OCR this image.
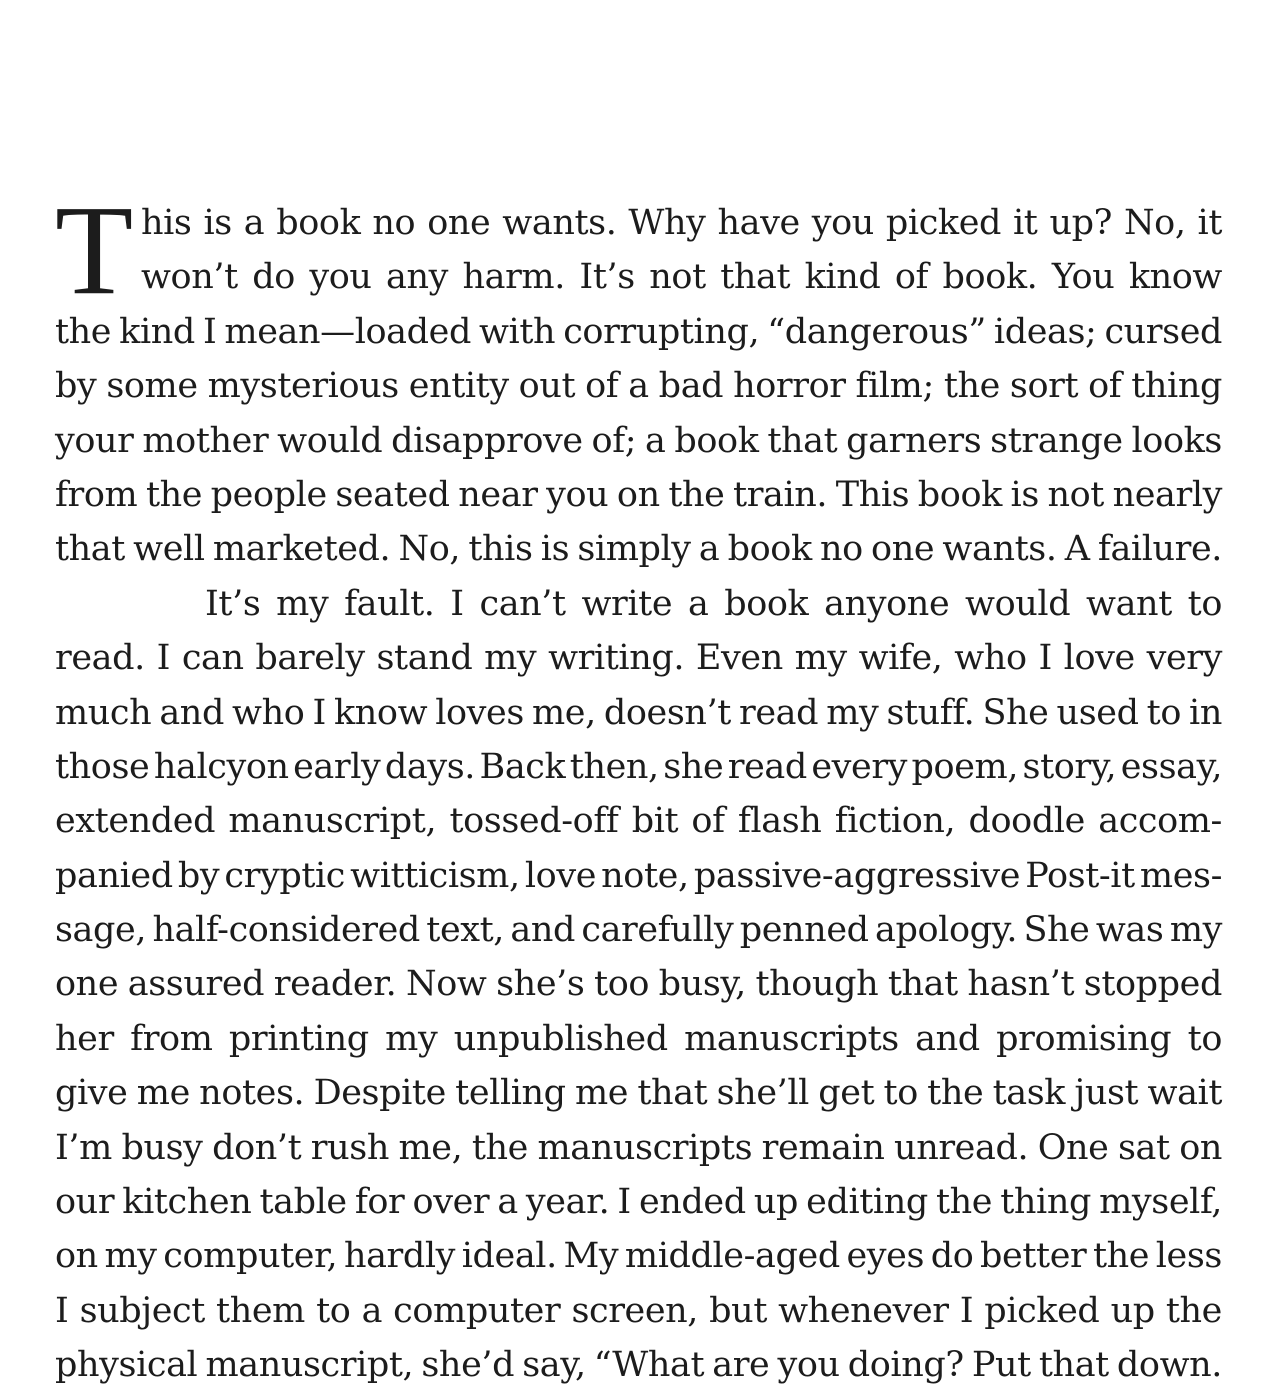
T his is a book no one wants. Why have you picked it up? No, it
won’t do you any harm. It’s not that kind of book. You know
the kind I mean—loaded with corrupting, “dangerous” ideas; cursed
by some mysterious entity out of a bad horror film; the sort of thing
your mother would disapprove of; a book that garners strange looks
from the people seated near you on the train. This book is not nearly
that well marketed. No, this is simply a book no one wants. A failure.
It’s my fault. I can’t write a book anyone would want to
read. I can barely stand my writing. Even my wife, who I love very
much and who I know loves me, doesn’t read my stuff. She used to in
those halcyon early days. Back then, she read every poem, story, essay,
extended manuscript, tossed-off bit of flash fiction, doodle accom-
panied by cryptic witticism, love note, passive-aggressive Post-it mes-
sage, half-considered text, and carefully penned apology. She was my
one assured reader. Now she’s too busy, though that hasn’t stopped
her from printing my unpublished manuscripts and promising to
give me notes. Despite telling me that she’ll get to the task just wait
I’m busy don’t rush me, the manuscripts remain unread. One sat on
our kitchen table for over a year. I ended up editing the thing myself,
on my computer, hardly ideal. My middle-aged eyes do better the less
I subject them to a computer screen, but whenever I picked up the
physical manuscript, she’d say, “What are you doing? Put that down.
